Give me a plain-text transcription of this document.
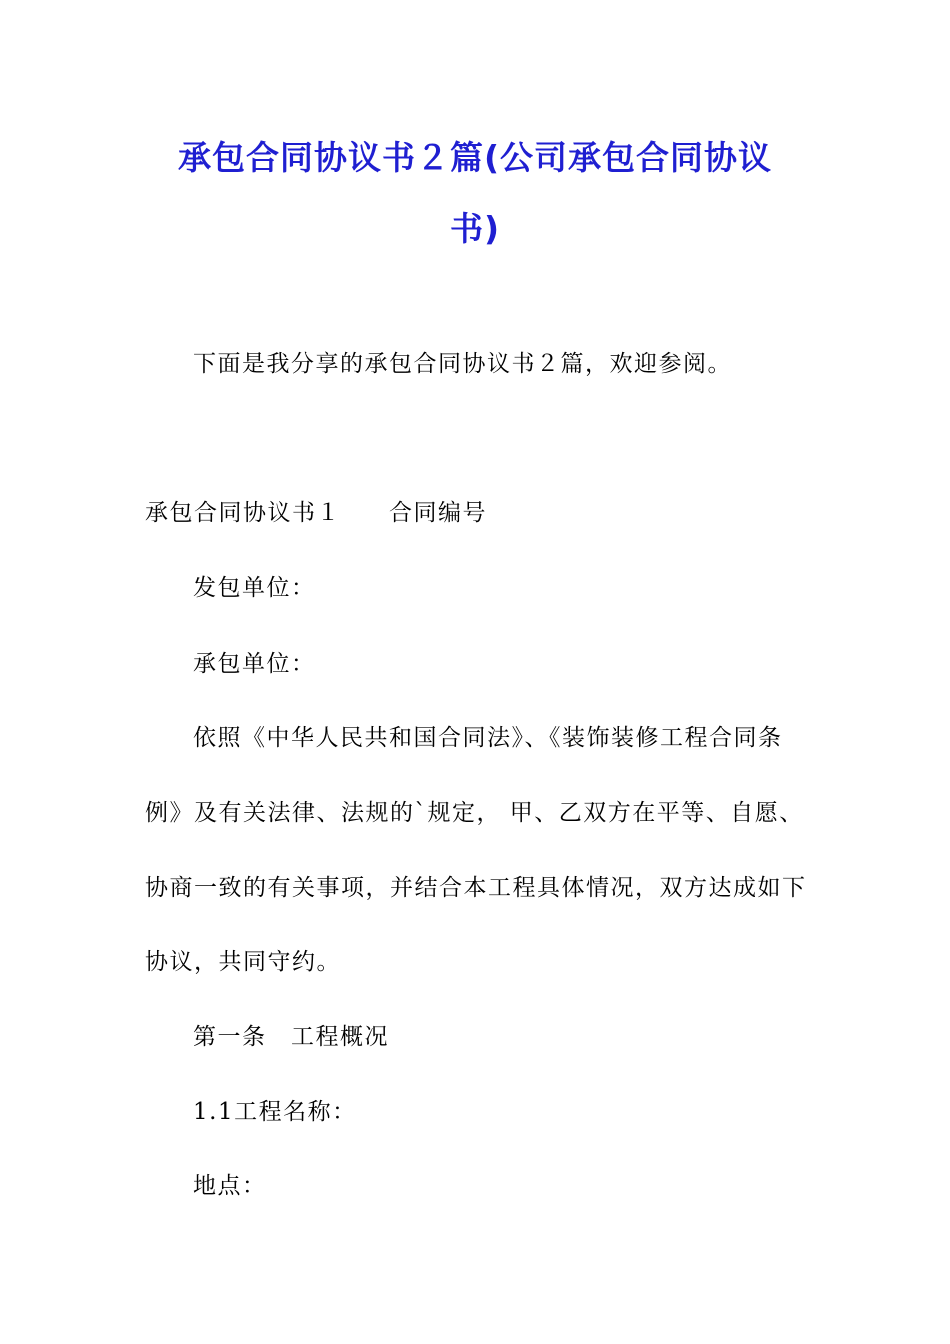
承包合同协议书２篇(公司承包合同协议
书)

下面是我分享的承包合同协议书２篇，欢迎参阅。

承包合同协议书１ 合同编号

发包单位：

承包单位：

依照《中华人民共和国合同法》、《装饰装修工程合同条

例》及有关法律、法规的`规定， 甲、乙双方在平等、自愿、

协商一致的有关事项，并结合本工程具体情况，双方达成如下

协议，共同守约。

第一条　工程概况

1.1工程名称：

地点：
